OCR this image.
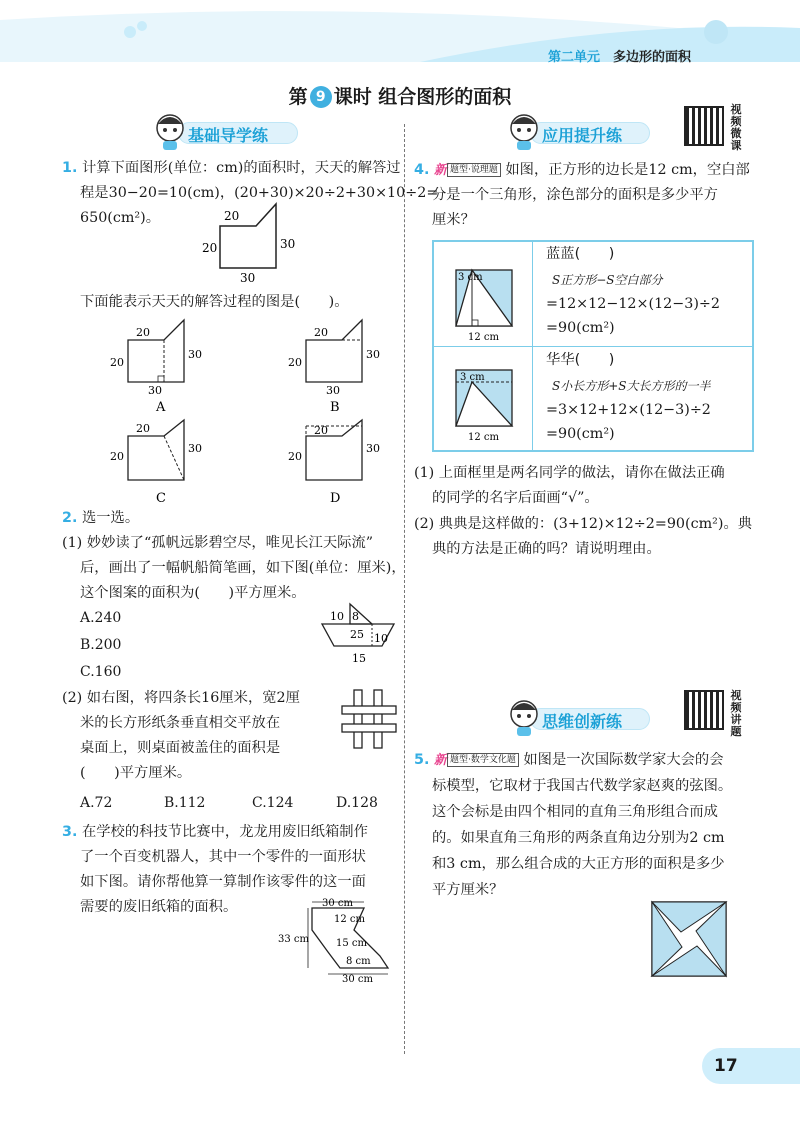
第二单元　 多边形的面积
第 9 课时 组合图形的面积
基础导学练	应用提升练
视频微课
1. 计算下面图形(单位：cm)的面积时，天天的解答过
程是30−20=10(cm)，(20+30)×20÷2+30×10÷2=
650(cm²)。	20
20	30
30
下面能表示天天的解答过程的图是(　　)。
20
20
30
30
A
20
20
30
30
B
20
20
30
C
20
20
30
D
2. 选一选。
(1) 妙妙读了“孤帆远影碧空尽，唯见长江天际流”
后，画出了一幅帆船简笔画，如下图(单位：厘米)，
这个图案的面积为(　　)平方厘米。
A.240
B.200
C.160
10 8
25 10
15
(2) 如右图，将四条长16厘米，宽2厘
米的长方形纸条垂直相交平放在
桌面上，则桌面被盖住的面积是
(　　)平方厘米。
A.72	B.112	C.124	D.128
3. 在学校的科技节比赛中，龙龙用废旧纸箱制作
了一个百变机器人，其中一个零件的一面形状
如下图。请你帮他算一算制作该零件的这一面
需要的废旧纸箱的面积。	30 cm
12 cm
15 cm
33 cm
8 cm
30 cm
4. 新 题型·说理题 如图，正方形的边长是12 cm，空白部
分是一个三角形，涂色部分的面积是多少平方
厘米？
3 cm
12 cm
蓝蓝(　　)
S正方形−S空白部分
=12×12−12×(12−3)÷2
=90(cm²)
3 cm
12 cm
华华(　　)
S小长方形+S大长方形的一半
=3×12+12×(12−3)÷2
=90(cm²)
(1) 上面框里是两名同学的做法，请你在做法正确
的同学的名字后面画“√”。
(2) 典典是这样做的：(3+12)×12÷2=90(cm²)。典
典的方法是正确的吗？请说明理由。
思维创新练
视频讲题
5. 新 题型·数学文化题 如图是一次国际数学家大会的会
标模型，它取材于我国古代数学家赵爽的弦图。
这个会标是由四个相同的直角三角形组合而成
的。如果直角三角形的两条直角边分别为2 cm
和3 cm，那么组合成的大正方形的面积是多少
平方厘米？
17
